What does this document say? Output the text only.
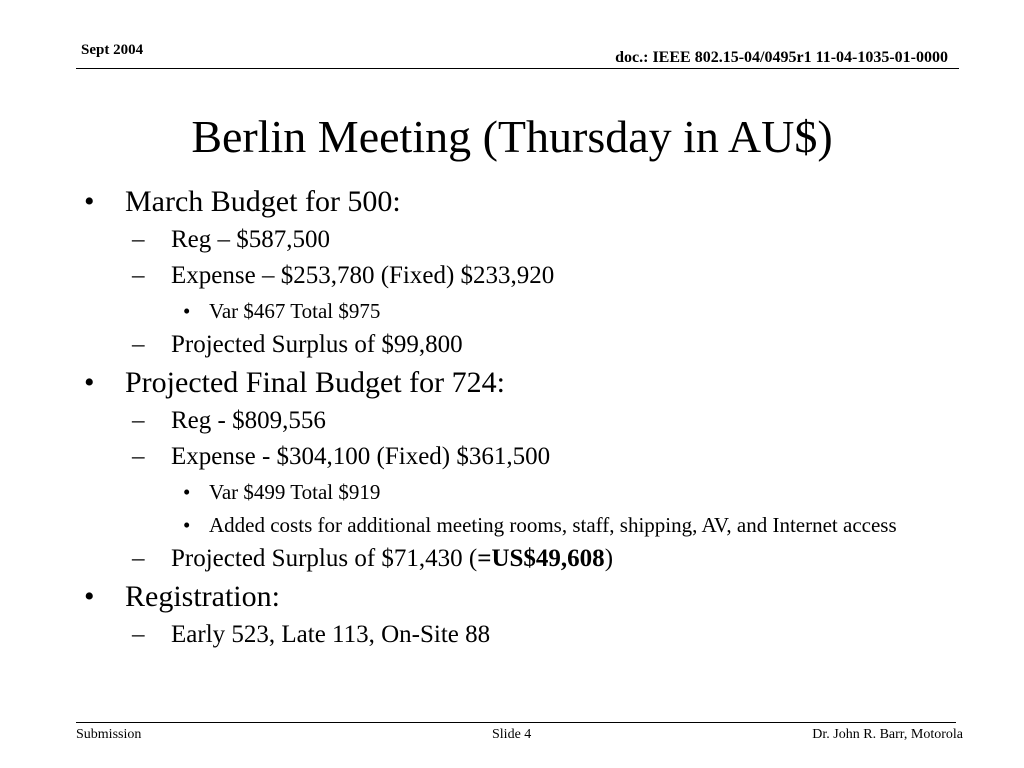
Sept 2004	doc.: IEEE 802.15-04/0495r1 11-04-1035-01-0000
Berlin Meeting (Thursday in AU$)
• March Budget for 500:
– Reg – $587,500
– Expense – $253,780 (Fixed) $233,920
• Var $467 Total $975
– Projected Surplus of $99,800
• Projected Final Budget for 724:
– Reg - $809,556
– Expense - $304,100 (Fixed) $361,500
• Var $499 Total $919
• Added costs for additional meeting rooms, staff, shipping, AV, and Internet access
– Projected Surplus of $71,430 (=US$49,608)
• Registration:
– Early 523, Late 113, On-Site 88
Submission	Slide 4	Dr. John R. Barr, Motorola
